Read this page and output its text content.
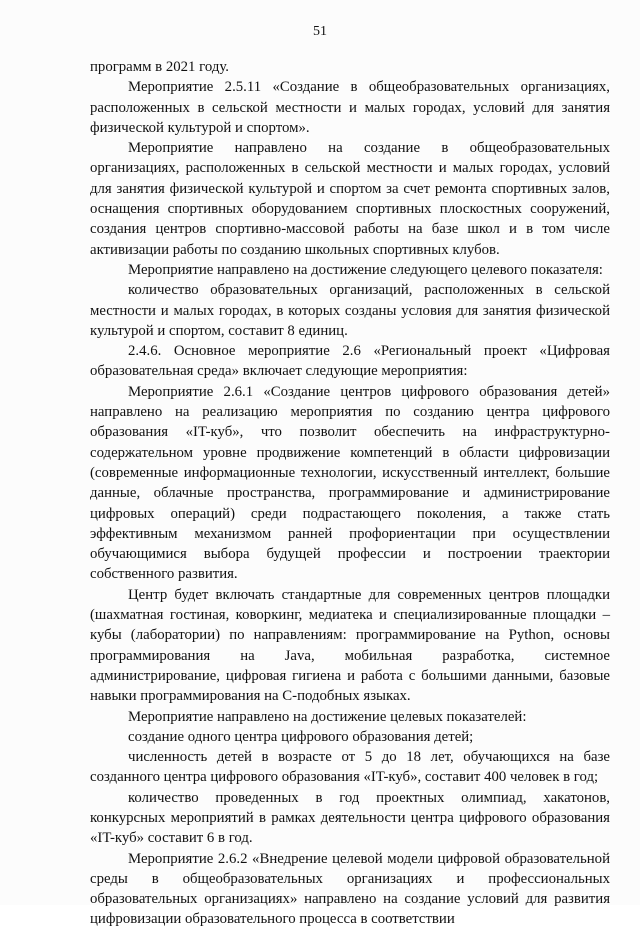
51

программ в 2021 году.

Мероприятие 2.5.11 «Создание в общеобразовательных организациях, расположенных в сельской местности и малых городах, условий для занятия физической культурой и спортом».

Мероприятие направлено на создание в общеобразовательных организациях, расположенных в сельской местности и малых городах, условий для занятия физической культурой и спортом за счет ремонта спортивных залов, оснащения спортивных оборудованием спортивных плоскостных сооружений, создания центров спортивно-массовой работы на базе школ и в том числе активизации работы по созданию школьных спортивных клубов.

Мероприятие направлено на достижение следующего целевого показателя:

количество образовательных организаций, расположенных в сельской местности и малых городах, в которых созданы условия для занятия физической культурой и спортом, составит 8 единиц.

2.4.6. Основное мероприятие 2.6 «Региональный проект «Цифровая образовательная среда» включает следующие мероприятия:

Мероприятие 2.6.1 «Создание центров цифрового образования детей» направлено на реализацию мероприятия по созданию центра цифрового образования «IT-куб», что позволит обеспечить на инфраструктурно-содержательном уровне продвижение компетенций в области цифровизации (современные информационные технологии, искусственный интеллект, большие данные, облачные пространства, программирование и администрирование цифровых операций) среди подрастающего поколения, а также стать эффективным механизмом ранней профориентации при осуществлении обучающимися выбора будущей профессии и построении траектории собственного развития.

Центр будет включать стандартные для современных центров площадки (шахматная гостиная, коворкинг, медиатека и специализированные площадки – кубы (лаборатории) по направлениям: программирование на Python, основы программирования на Java, мобильная разработка, системное администрирование, цифровая гигиена и работа с большими данными, базовые навыки программирования на С-подобных языках.

Мероприятие направлено на достижение целевых показателей:

создание одного центра цифрового образования детей;

численность детей в возрасте от 5 до 18 лет, обучающихся на базе созданного центра цифрового образования «IT-куб», составит 400 человек в год;

количество проведенных в год проектных олимпиад, хакатонов, конкурсных мероприятий в рамках деятельности центра цифрового образования «IT-куб» составит 6 в год.

Мероприятие 2.6.2 «Внедрение целевой модели цифровой образовательной среды в общеобразовательных организациях и профессиональных образовательных организациях» направлено на создание условий для развития цифровизации образовательного процесса в соответствии
